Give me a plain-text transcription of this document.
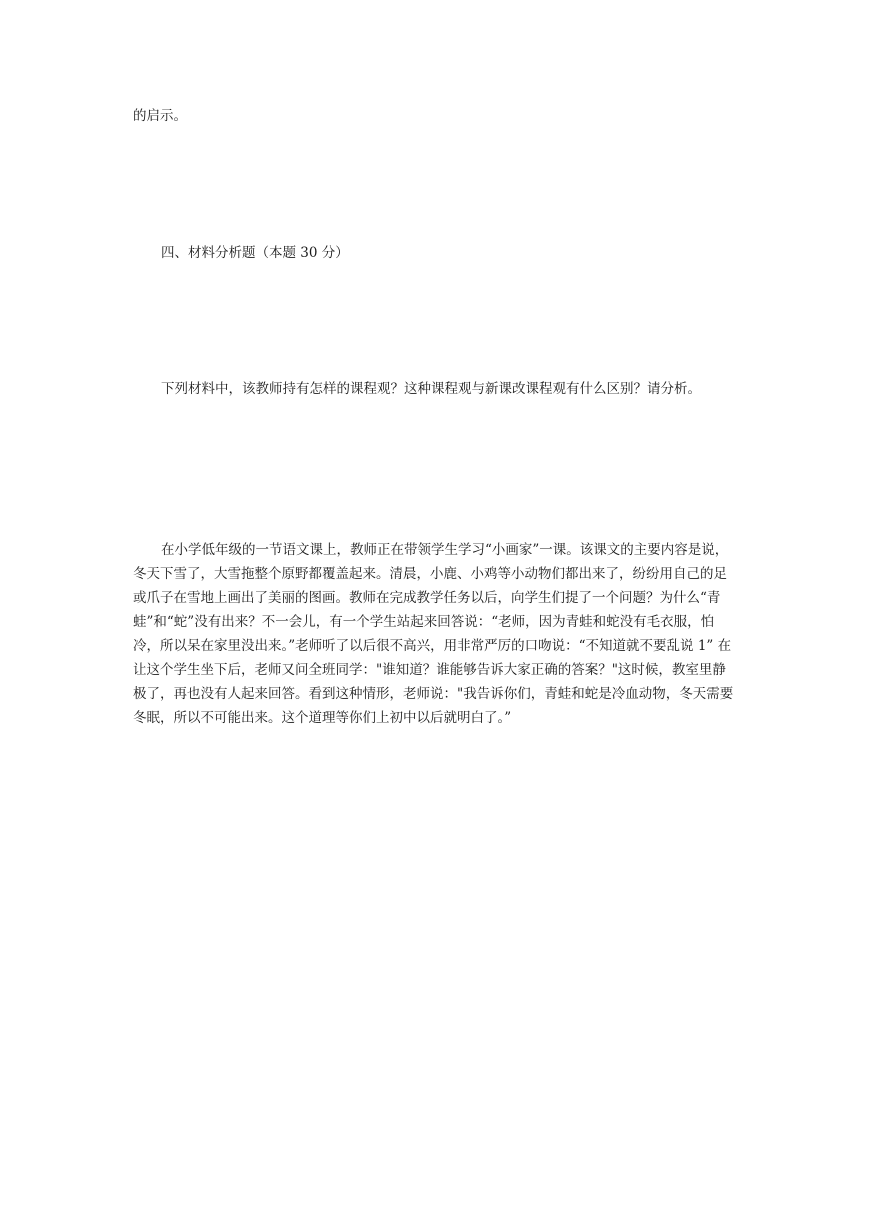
的启示。

四、材料分析题（本题 30 分）

下列材料中，该教师持有怎样的课程观？这种课程观与新课改课程观有什么区别？请分析。

在小学低年级的一节语文课上，教师正在带领学生学习“小画家”一课。该课文的主要内容是说，冬天下雪了，大雪拖整个原野都覆盖起来。清晨，小鹿、小鸡等小动物们都出来了，纷纷用自己的足或爪子在雪地上画出了美丽的图画。教师在完成教学任务以后，向学生们提了一个问题？为什么“青蛙”和“蛇”没有出来？不一会儿，有一个学生站起来回答说：“老师，因为青蛙和蛇没有毛衣服，怕冷，所以呆在家里没出来。”老师听了以后很不高兴，用非常严厉的口吻说：“不知道就不要乱说 1” 在让这个学生坐下后，老师又问全班同学："谁知道？谁能够告诉大家正确的答案？"这时候，教室里静极了，再也没有人起来回答。看到这种情形，老师说："我告诉你们，青蛙和蛇是冷血动物，冬天需要冬眠，所以不可能出来。这个道理等你们上初中以后就明白了。”
